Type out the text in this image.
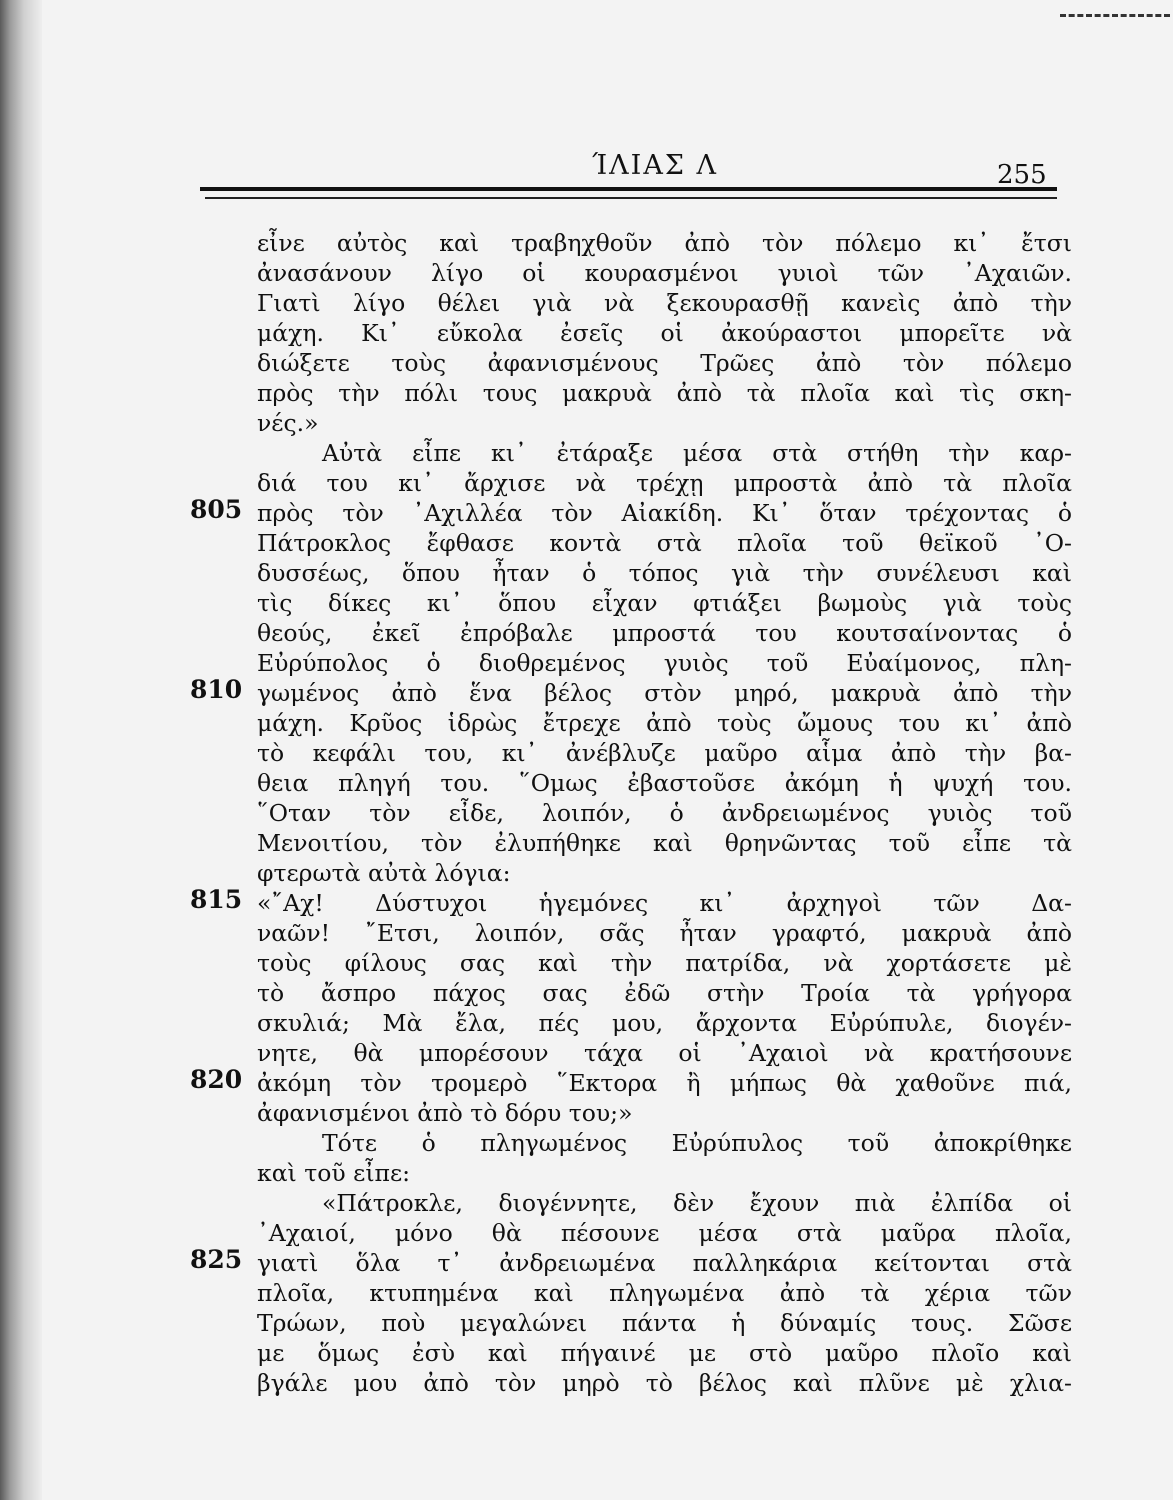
ΊΛΙΑΣ Λ	255
εἶνε αὐτὸς καὶ τραβηχθοῦν ἀπὸ τὸν πόλεμο κι᾿ ἔτσι
ἀνασάνουν λίγο οἱ κουρασμένοι γυιοὶ τῶν ᾿Αχαιῶν.
Γιατὶ λίγο θέλει γιὰ νὰ ξεκουρασθῇ κανεὶς ἀπὸ τὴν
μάχη. Κι᾿ εὔκολα ἐσεῖς οἱ ἀκούραστοι μπορεῖτε νὰ
διώξετε τοὺς ἀφανισμένους Τρῶες ἀπὸ τὸν πόλεμο
πρὸς τὴν πόλι τους μακρυὰ ἀπὸ τὰ πλοῖα καὶ τὶς σκη-
νές.»
Αὐτὰ εἶπε κι᾿ ἐτάραξε μέσα στὰ στήθη τὴν καρ-
διά του κι᾿ ἄρχισε νὰ τρέχῃ μπροστὰ ἀπὸ τὰ πλοῖα
805 πρὸς τὸν ᾿Αχιλλέα τὸν Αἰακίδη. Κι᾿ ὅταν τρέχοντας ὁ
Πάτροκλος ἔφθασε κοντὰ στὰ πλοῖα τοῦ θεϊκοῦ ᾿Ο-
δυσσέως, ὅπου ἦταν ὁ τόπος γιὰ τὴν συνέλευσι καὶ
τὶς δίκες κι᾿ ὅπου εἶχαν φτιάξει βωμοὺς γιὰ τοὺς
θεούς, ἐκεῖ ἐπρόβαλε μπροστά του κουτσαίνοντας ὁ
Εὐρύπολος ὁ διοθρεμένος γυιὸς τοῦ Εὐαίμονος, πλη-
810 γωμένος ἀπὸ ἕνα βέλος στὸν μηρό, μακρυὰ ἀπὸ τὴν
μάχη. Κρῦος ἱδρὼς ἔτρεχε ἀπὸ τοὺς ὤμους του κι᾿ ἀπὸ
τὸ κεφάλι του, κι᾿ ἀνέβλυζε μαῦρο αἷμα ἀπὸ τὴν βα-
θεια πληγή του. ῞Ομως ἐβαστοῦσε ἀκόμη ἡ ψυχή του.
῞Οταν τὸν εἶδε, λοιπόν, ὁ ἀνδρειωμένος γυιὸς τοῦ
Μενοιτίου, τὸν ἐλυπήθηκε καὶ θρηνῶντας τοῦ εἶπε τὰ
φτερωτὰ αὐτὰ λόγια:
815 «῎Αχ! Δύστυχοι ἡγεμόνες κι᾿ ἀρχηγοὶ τῶν Δα-
ναῶν! ῎Ετσι, λοιπόν, σᾶς ἦταν γραφτό, μακρυὰ ἀπὸ
τοὺς φίλους σας καὶ τὴν πατρίδα, νὰ χορτάσετε μὲ
τὸ ἄσπρο πάχος σας ἐδῶ στὴν Τροία τὰ γρήγορα
σκυλιά; Μὰ ἔλα, πές μου, ἄρχοντα Εὐρύπυλε, διογέν-
νητε, θὰ μπορέσουν τάχα οἱ ᾿Αχαιοὶ νὰ κρατήσουνε
820 ἀκόμη τὸν τρομερὸ ῞Εκτορα ἢ μήπως θὰ χαθοῦνε πιά,
ἀφανισμένοι ἀπὸ τὸ δόρυ του;»
Τότε ὁ πληγωμένος Εὐρύπυλος τοῦ ἀποκρίθηκε
καὶ τοῦ εἶπε:
«Πάτροκλε, διογέννητε, δὲν ἔχουν πιὰ ἐλπίδα οἱ
᾿Αχαιοί, μόνο θὰ πέσουνε μέσα στὰ μαῦρα πλοῖα,
825 γιατὶ ὅλα τ᾿ ἀνδρειωμένα παλληκάρια κείτονται στὰ
πλοῖα, κτυπημένα καὶ πληγωμένα ἀπὸ τὰ χέρια τῶν
Τρώων, ποὺ μεγαλώνει πάντα ἡ δύναμίς τους. Σῶσε
με ὅμως ἐσὺ καὶ πήγαινέ με στὸ μαῦρο πλοῖο καὶ
βγάλε μου ἀπὸ τὸν μηρὸ τὸ βέλος καὶ πλῦνε μὲ χλια-
